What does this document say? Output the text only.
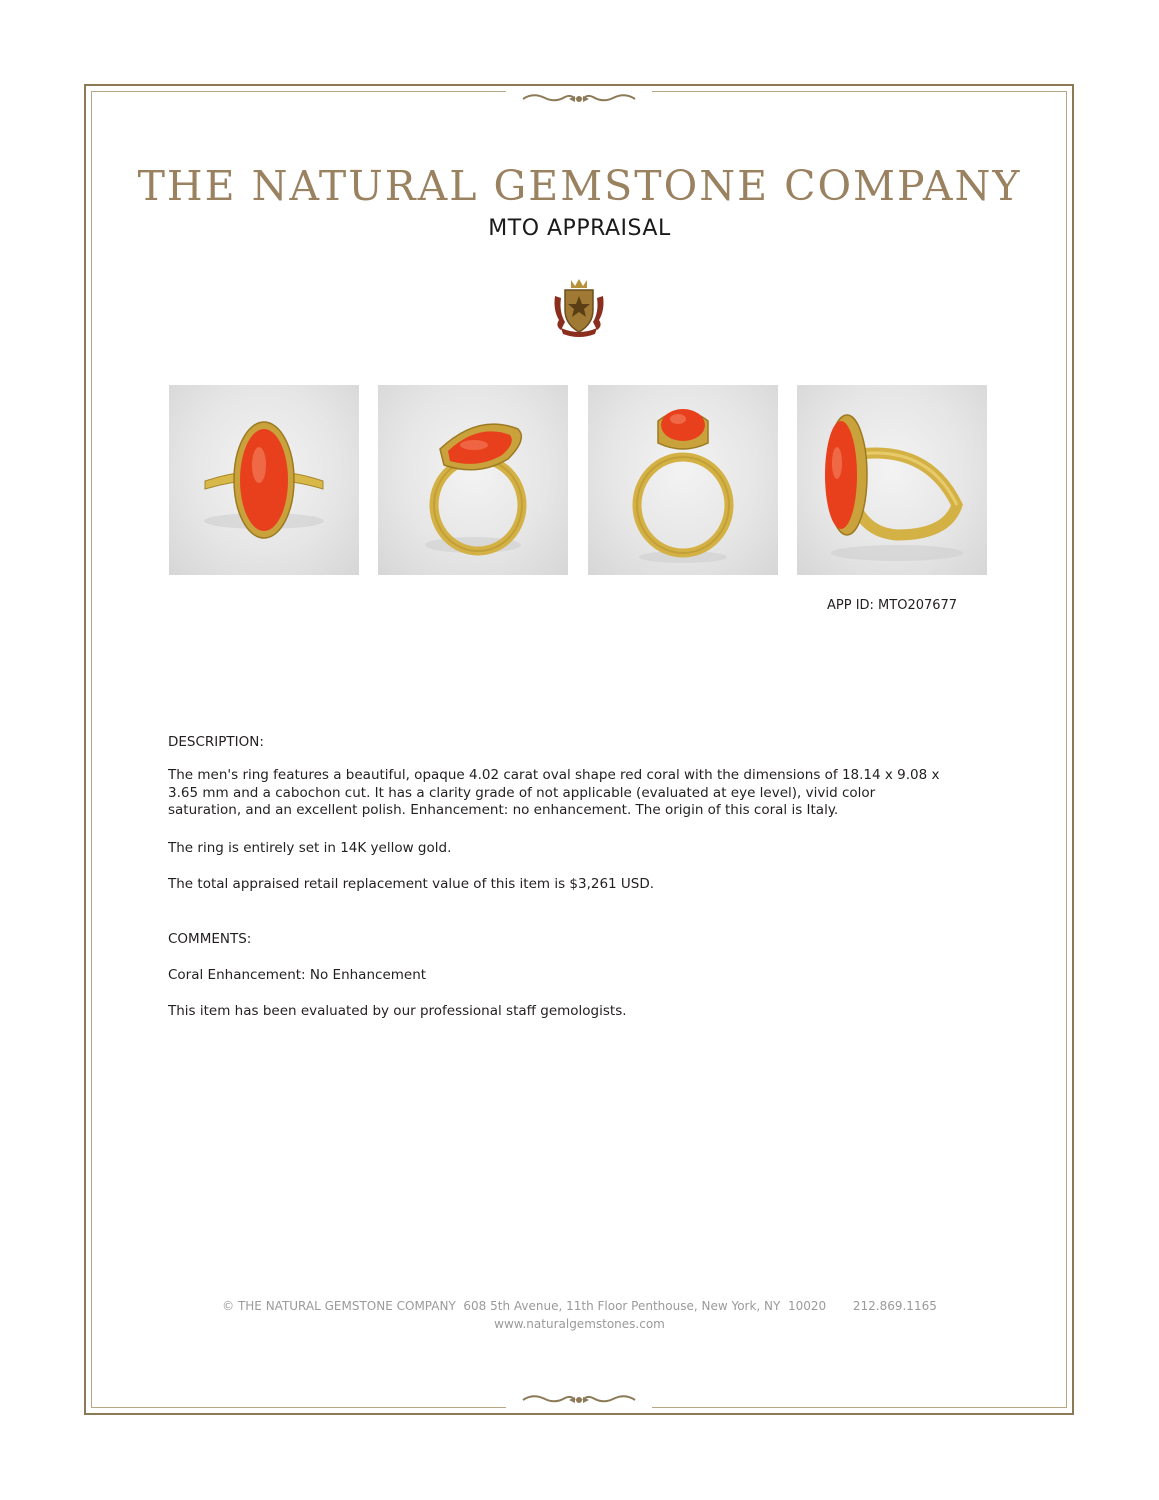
THE NATURAL GEMSTONE COMPANY
MTO APPRAISAL
APP ID: MTO207677
DESCRIPTION:
The men's ring features a beautiful, opaque 4.02 carat oval shape red coral with the dimensions of 18.14 x 9.08 x
3.65 mm and a cabochon cut. It has a clarity grade of not applicable (evaluated at eye level), vivid color
saturation, and an excellent polish. Enhancement: no enhancement. The origin of this coral is Italy.
The ring is entirely set in 14K yellow gold.
The total appraised retail replacement value of this item is $3,261 USD.
COMMENTS:
Coral Enhancement: No Enhancement
This item has been evaluated by our professional staff gemologists.
© THE NATURAL GEMSTONE COMPANY  608 5th Avenue, 11th Floor Penthouse, New York, NY  10020       212.869.1165
www.naturalgemstones.com
